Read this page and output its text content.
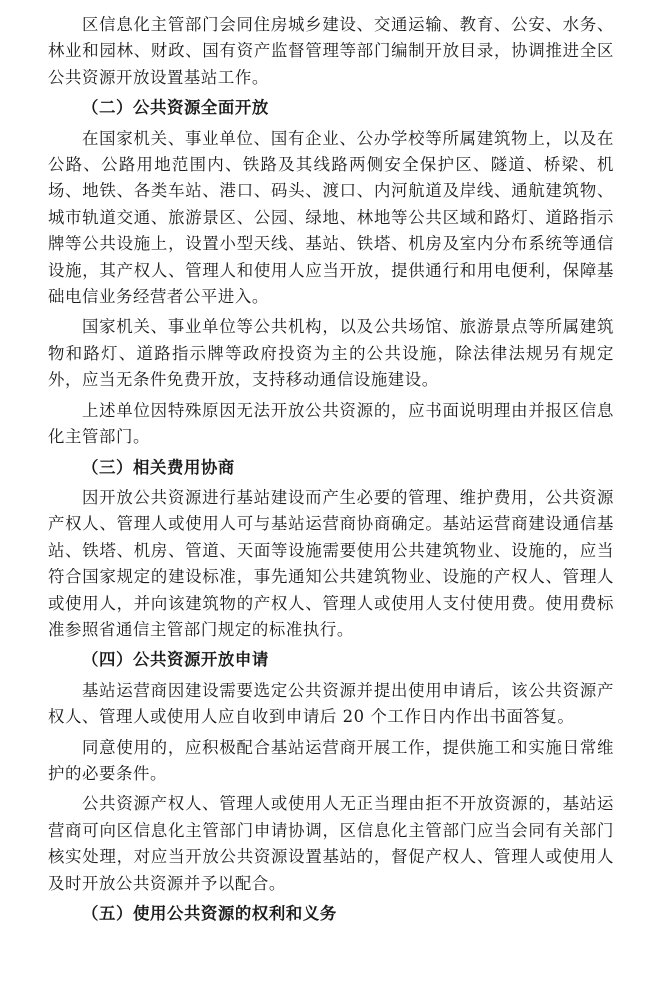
区信息化主管部门会同住房城乡建设、交通运输、教育、公安、水务、林业和园林、财政、国有资产监督管理等部门编制开放目录，协调推进全区公共资源开放设置基站工作。

（二）公共资源全面开放

在国家机关、事业单位、国有企业、公办学校等所属建筑物上，以及在公路、公路用地范围内、铁路及其线路两侧安全保护区、隧道、桥梁、机场、地铁、各类车站、港口、码头、渡口、内河航道及岸线、通航建筑物、城市轨道交通、旅游景区、公园、绿地、林地等公共区域和路灯、道路指示牌等公共设施上，设置小型天线、基站、铁塔、机房及室内分布系统等通信设施，其产权人、管理人和使用人应当开放，提供通行和用电便利，保障基础电信业务经营者公平进入。

国家机关、事业单位等公共机构，以及公共场馆、旅游景点等所属建筑物和路灯、道路指示牌等政府投资为主的公共设施，除法律法规另有规定外，应当无条件免费开放，支持移动通信设施建设。

上述单位因特殊原因无法开放公共资源的，应书面说明理由并报区信息化主管部门。

（三）相关费用协商

因开放公共资源进行基站建设而产生必要的管理、维护费用，公共资源产权人、管理人或使用人可与基站运营商协商确定。基站运营商建设通信基站、铁塔、机房、管道、天面等设施需要使用公共建筑物业、设施的，应当符合国家规定的建设标准，事先通知公共建筑物业、设施的产权人、管理人或使用人，并向该建筑物的产权人、管理人或使用人支付使用费。使用费标准参照省通信主管部门规定的标准执行。

（四）公共资源开放申请

基站运营商因建设需要选定公共资源并提出使用申请后，该公共资源产权人、管理人或使用人应自收到申请后 20 个工作日内作出书面答复。

同意使用的，应积极配合基站运营商开展工作，提供施工和实施日常维护的必要条件。

公共资源产权人、管理人或使用人无正当理由拒不开放资源的，基站运营商可向区信息化主管部门申请协调，区信息化主管部门应当会同有关部门核实处理，对应当开放公共资源设置基站的，督促产权人、管理人或使用人及时开放公共资源并予以配合。

（五）使用公共资源的权利和义务
